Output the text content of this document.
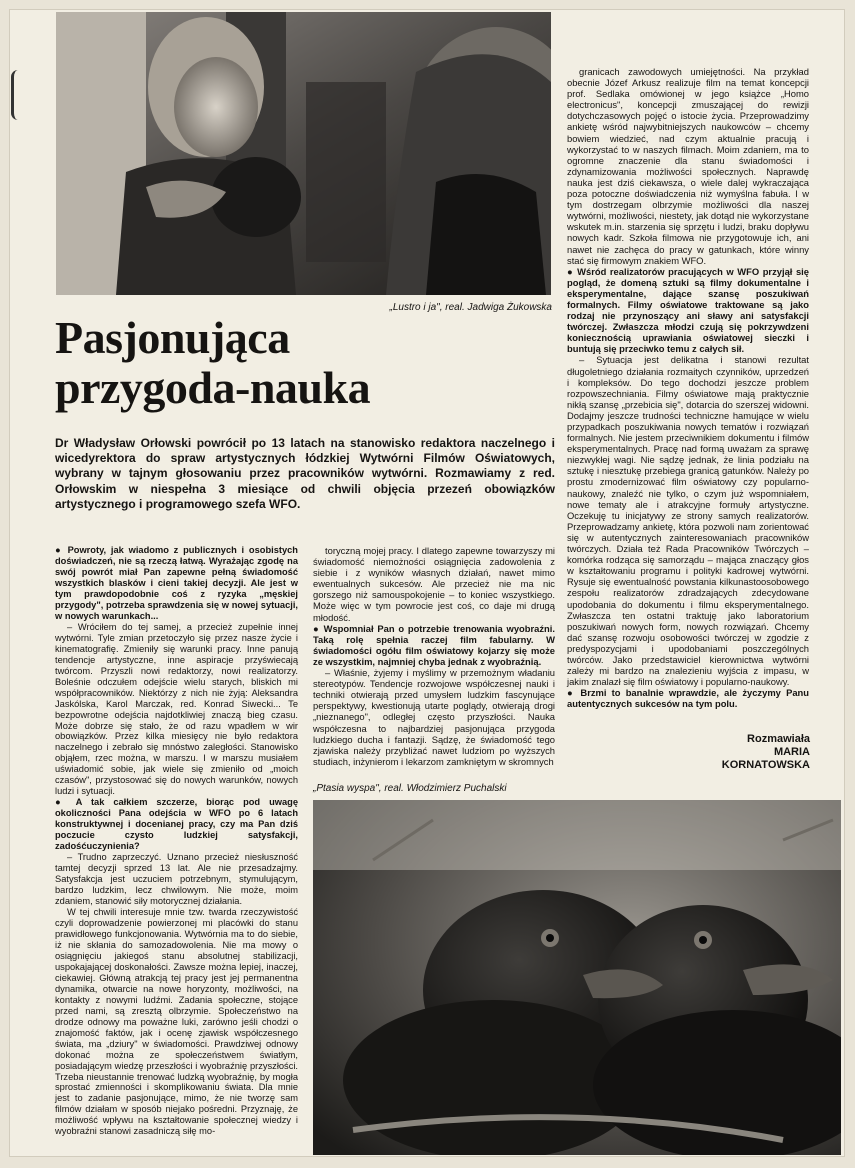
„Lustro i ja", real. Jadwiga Żukowska
Pasjonująca
przygoda-nauka

Dr Władysław Orłowski powrócił po 13 latach na stanowisko redaktora naczelnego i wicedyrektora do spraw artystycznych łódzkiej Wytwórni Filmów Oświatowych, wybrany w tajnym głosowaniu przez pracowników wytwórni. Rozmawiamy z red. Orłowskim w niespełna 3 miesiące od chwili objęcia przezeń obowiązków artystycznego i programowego szefa WFO.

● Powroty, jak wiadomo z publicznych i osobistych doświadczeń, nie są rzeczą łatwą. Wyrażając zgodę na swój powrót miał Pan zapewne pełną świadomość wszystkich blasków i cieni takiej decyzji. Ale jest w tym prawdopodobnie coś z ryzyka „męskiej przygody", potrzeba sprawdzenia się w nowej sytuacji, w nowych warunkach...

– Wróciłem do tej samej, a przecież zupełnie innej wytwórni. Tyle zmian przetoczyło się przez nasze życie i kinematografię. Zmieniły się warunki pracy. Inne panują tendencje artystyczne, inne aspiracje przyświecają twórcom. Przyszli nowi redaktorzy, nowi realizatorzy. Boleśnie odczułem odejście wielu starych, bliskich mi współpracowników. Niektórzy z nich nie żyją: Aleksandra Jaskólska, Karol Marczak, red. Konrad Siwecki... Te bezpowrotne odejścia najdotkliwiej znaczą bieg czasu. Może dobrze się stało, że od razu wpadłem w wir obowiązków. Przez kilka miesięcy nie było redaktora naczelnego i zebrało się mnóstwo zaległości. Stanowisko objąłem, rzec można, w marszu. I w marszu musiałem uświadomić sobie, jak wiele się zmieniło od „moich czasów", przystosować się do nowych warunków, nowych ludzi i sytuacji.

● A tak całkiem szczerze, biorąc pod uwagę okoliczności Pana odejścia w WFO po 6 latach konstruktywnej i docenianej pracy, czy ma Pan dziś poczucie czysto ludzkiej satysfakcji, zadośćuczynienia?

– Trudno zaprzeczyć. Uznano przecież niesłuszność tamtej decyzji sprzed 13 lat. Ale nie przesadzajmy. Satysfakcja jest uczuciem potrzebnym, stymulującym, bardzo ludzkim, lecz chwilowym. Nie może, moim zdaniem, stanowić siły motorycznej działania.

W tej chwili interesuje mnie tzw. twarda rzeczywistość czyli doprowadzenie powierzonej mi placówki do stanu prawidłowego funkcjonowania. Wytwórnia ma to do siebie, iż nie skłania do samozadowolenia. Nie ma mowy o osiągnięciu jakiegoś stanu absolutnej stabilizacji, uspokajającej doskonałości. Zawsze można lepiej, inaczej, ciekawiej. Główną atrakcją tej pracy jest jej permanentna dynamika, otwarcie na nowe horyzonty, możliwości, na kontakty z nowymi ludźmi. Zadania społeczne, stojące przed nami, są zresztą olbrzymie. Społeczeństwo na drodze odnowy ma poważne luki, zarówno jeśli chodzi o znajomość faktów, jak i ocenę zjawisk współczesnego świata, ma „dziury" w świadomości. Prawdziwej odnowy dokonać można ze społeczeństwem światłym, posiadającym wiedzę przeszłości i wyobraźnię przyszłości. Trzeba nieustannie trenować ludzką wyobraźnię, by mogła sprostać zmienności i skomplikowaniu świata. Dla mnie jest to zadanie pasjonujące, mimo, że nie tworzę sam filmów działam w sposób niejako pośredni. Przyznaję, że możliwość wpływu na kształtowanie społecznej wiedzy i wyobraźni stanowi zasadniczą siłę mo-

toryczną mojej pracy. I dlatego zapewne towarzyszy mi świadomość niemożności osiągnięcia zadowolenia z siebie i z wyników własnych działań, nawet mimo ewentualnych sukcesów. Ale przecież nie ma nic gorszego niż samouspokojenie – to koniec wszystkiego. Może więc w tym powrocie jest coś, co daje mi drugą młodość.

● Wspomniał Pan o potrzebie trenowania wyobraźni. Taką rolę spełnia raczej film fabularny. W świadomości ogółu film oświatowy kojarzy się może ze wszystkim, najmniej chyba jednak z wyobraźnią.

– Właśnie, żyjemy i myślimy w przemożnym władaniu stereotypów. Tendencje rozwojowe współczesnej nauki i techniki otwierają przed umysłem ludzkim fascynujące perspektywy, kwestionują utarte poglądy, otwierają drogi „nieznanego", odległej często przyszłości. Nauka współczesna to najbardziej pasjonująca przygoda ludzkiego ducha i fantazji. Sądzę, że świadomość tego zjawiska należy przybliżać nawet ludziom po wyższych studiach, inżynierom i lekarzom zamkniętym w skromnych

granicach zawodowych umiejętności. Na przykład obecnie Józef Arkusz realizuje film na temat koncepcji prof. Sedlaka omówionej w jego książce „Homo electronicus", koncepcji zmuszającej do rewizji dotychczasowych pojęć o istocie życia. Przeprowadzimy ankietę wśród najwybitniejszych naukowców – chcemy bowiem wiedzieć, nad czym aktualnie pracują i wykorzystać to w naszych filmach. Moim zdaniem, ma to ogromne znaczenie dla stanu świadomości i zdynamizowania możliwości społecznych. Naprawdę nauka jest dziś ciekawsza, o wiele dalej wykraczająca poza potoczne doświadczenia niż wymyślna fabuła. I w tym dostrzegam olbrzymie możliwości dla naszej wytwórni, możliwości, niestety, jak dotąd nie wykorzystane wskutek m.in. starzenia się sprzętu i ludzi, braku dopływu nowych kadr. Szkoła filmowa nie przygotowuje ich, ani nawet nie zachęca do pracy w gatunkach, które winny stać się firmowym znakiem WFO.

● Wśród realizatorów pracujących w WFO przyjął się pogląd, że domeną sztuki są filmy dokumentalne i eksperymentalne, dające szansę poszukiwań formalnych. Filmy oświatowe traktowane są jako rodzaj nie przynoszący ani sławy ani satysfakcji twórczej. Zwłaszcza młodzi czują się pokrzywdzeni koniecznością uprawiania oświatowej sieczki i buntują się przeciwko temu z całych sił.

– Sytuacja jest delikatna i stanowi rezultat długoletniego działania rozmaitych czynników, uprzedzeń i kompleksów. Do tego dochodzi jeszcze problem rozpowszechniania. Filmy oświatowe mają praktycznie nikłą szansę „przebicia się", dotarcia do szerszej widowni. Dodajmy jeszcze trudności techniczne hamujące w wielu przypadkach poszukiwania nowych tematów i rozwiązań formalnych. Nie jestem przeciwnikiem dokumentu i filmów eksperymentalnych. Pracę nad formą uważam za sprawę niezwykłej wagi. Nie sądzę jednak, że linia podziału na sztukę i niesztukę przebiega granicą gatunków. Należy po prostu zmodernizować film oświatowy czy popularno-naukowy, znaleźć nie tylko, o czym już wspomniałem, nowe tematy ale i atrakcyjne formuły artystyczne. Oczekuję tu inicjatywy ze strony samych realizatorów. Przeprowadzamy ankietę, która pozwoli nam zorientować się w autentycznych zainteresowaniach pracowników twórczych. Działa też Rada Pracowników Twórczych – komórka rodząca się samorządu – mająca znaczący głos w kształtowaniu programu i polityki kadrowej wytwórni. Rysuje się ewentualność powstania kilkunastoosobowego zespołu realizatorów zdradzających zdecydowane upodobania do dokumentu i filmu eksperymentalnego. Zwłaszcza ten ostatni traktuję jako laboratorium poszukiwań nowych form, nowych rozwiązań. Chcemy dać szansę rozwoju osobowości twórczej w zgodzie z predyspozycjami i upodobaniami poszczególnych twórców. Jako przedstawiciel kierownictwa wytwórni zależy mi bardzo na znalezieniu wyjścia z impasu, w jakim znalazł się film oświatowy i popularno-naukowy.

● Brzmi to banalnie wprawdzie, ale życzymy Panu autentycznych sukcesów na tym polu.

Rozmawiała
MARIA
KORNATOWSKA
„Ptasia wyspa", real. Włodzimierz Puchalski
